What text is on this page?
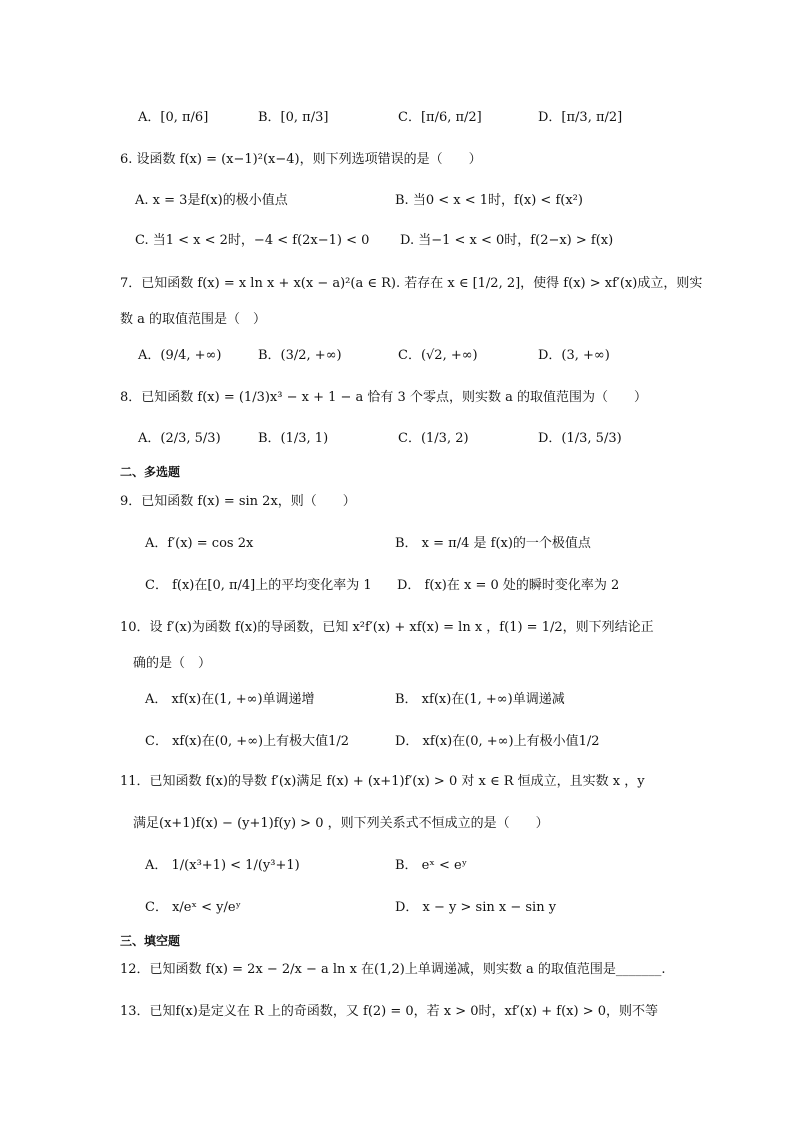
A．[0, π/6]	B．[0, π/3]	C．[π/6, π/2]	D．[π/3, π/2]
6. 设函数 f(x) = (x−1)²(x−4)，则下列选项错误的是（　　）
A. x = 3是f(x)的极小值点	B. 当0 < x < 1时，f(x) < f(x²)
C. 当1 < x < 2时，−4 < f(2x−1) < 0 D. 当−1 < x < 0时，f(2−x) > f(x)
7．已知函数 f(x) = x ln x + x(x − a)²(a ∈ R). 若存在 x ∈ [1/2, 2]，使得 f(x) > xf′(x)成立，则实
数 a 的取值范围是（　）
A．(9/4, +∞)	B．(3/2, +∞)	C．(√2, +∞)	D．(3, +∞)
8．已知函数 f(x) = (1/3)x³ − x + 1 − a 恰有 3 个零点，则实数 a 的取值范围为（　　）
A．(2/3, 5/3)	B．(1/3, 1)	C．(1/3, 2)	D．(1/3, 5/3)
二、多选题
9．已知函数 f(x) = sin 2x，则（　　）
A．f′(x) = cos 2x	B． x = π/4 是 f(x)的一个极值点
C． f(x)在[0, π/4]上的平均变化率为 1 D． f(x)在 x = 0 处的瞬时变化率为 2
10．设 f′(x)为函数 f(x)的导函数，已知 x²f′(x) + xf(x) = ln x ，f(1) = 1/2，则下列结论正
确的是（　）
A． xf(x)在(1, +∞)单调递增	B． xf(x)在(1, +∞)单调递减
C． xf(x)在(0, +∞)上有极大值1/2	D． xf(x)在(0, +∞)上有极小值1/2
11．已知函数 f(x)的导数 f′(x)满足 f(x) + (x+1)f′(x) > 0 对 x ∈ R 恒成立，且实数 x ，y
满足(x+1)f(x) − (y+1)f(y) > 0 ，则下列关系式不恒成立的是（　　）
A． 1/(x³+1) < 1/(y³+1)	B． eˣ < eʸ
C． x/eˣ < y/eʸ	D． x − y > sin x − sin y
三、填空题
12．已知函数 f(x) = 2x − 2/x − a ln x 在(1,2)上单调递减，则实数 a 的取值范围是_______.
13．已知f(x)是定义在 R 上的奇函数，又 f(2) = 0，若 x > 0时，xf′(x) + f(x) > 0，则不等
